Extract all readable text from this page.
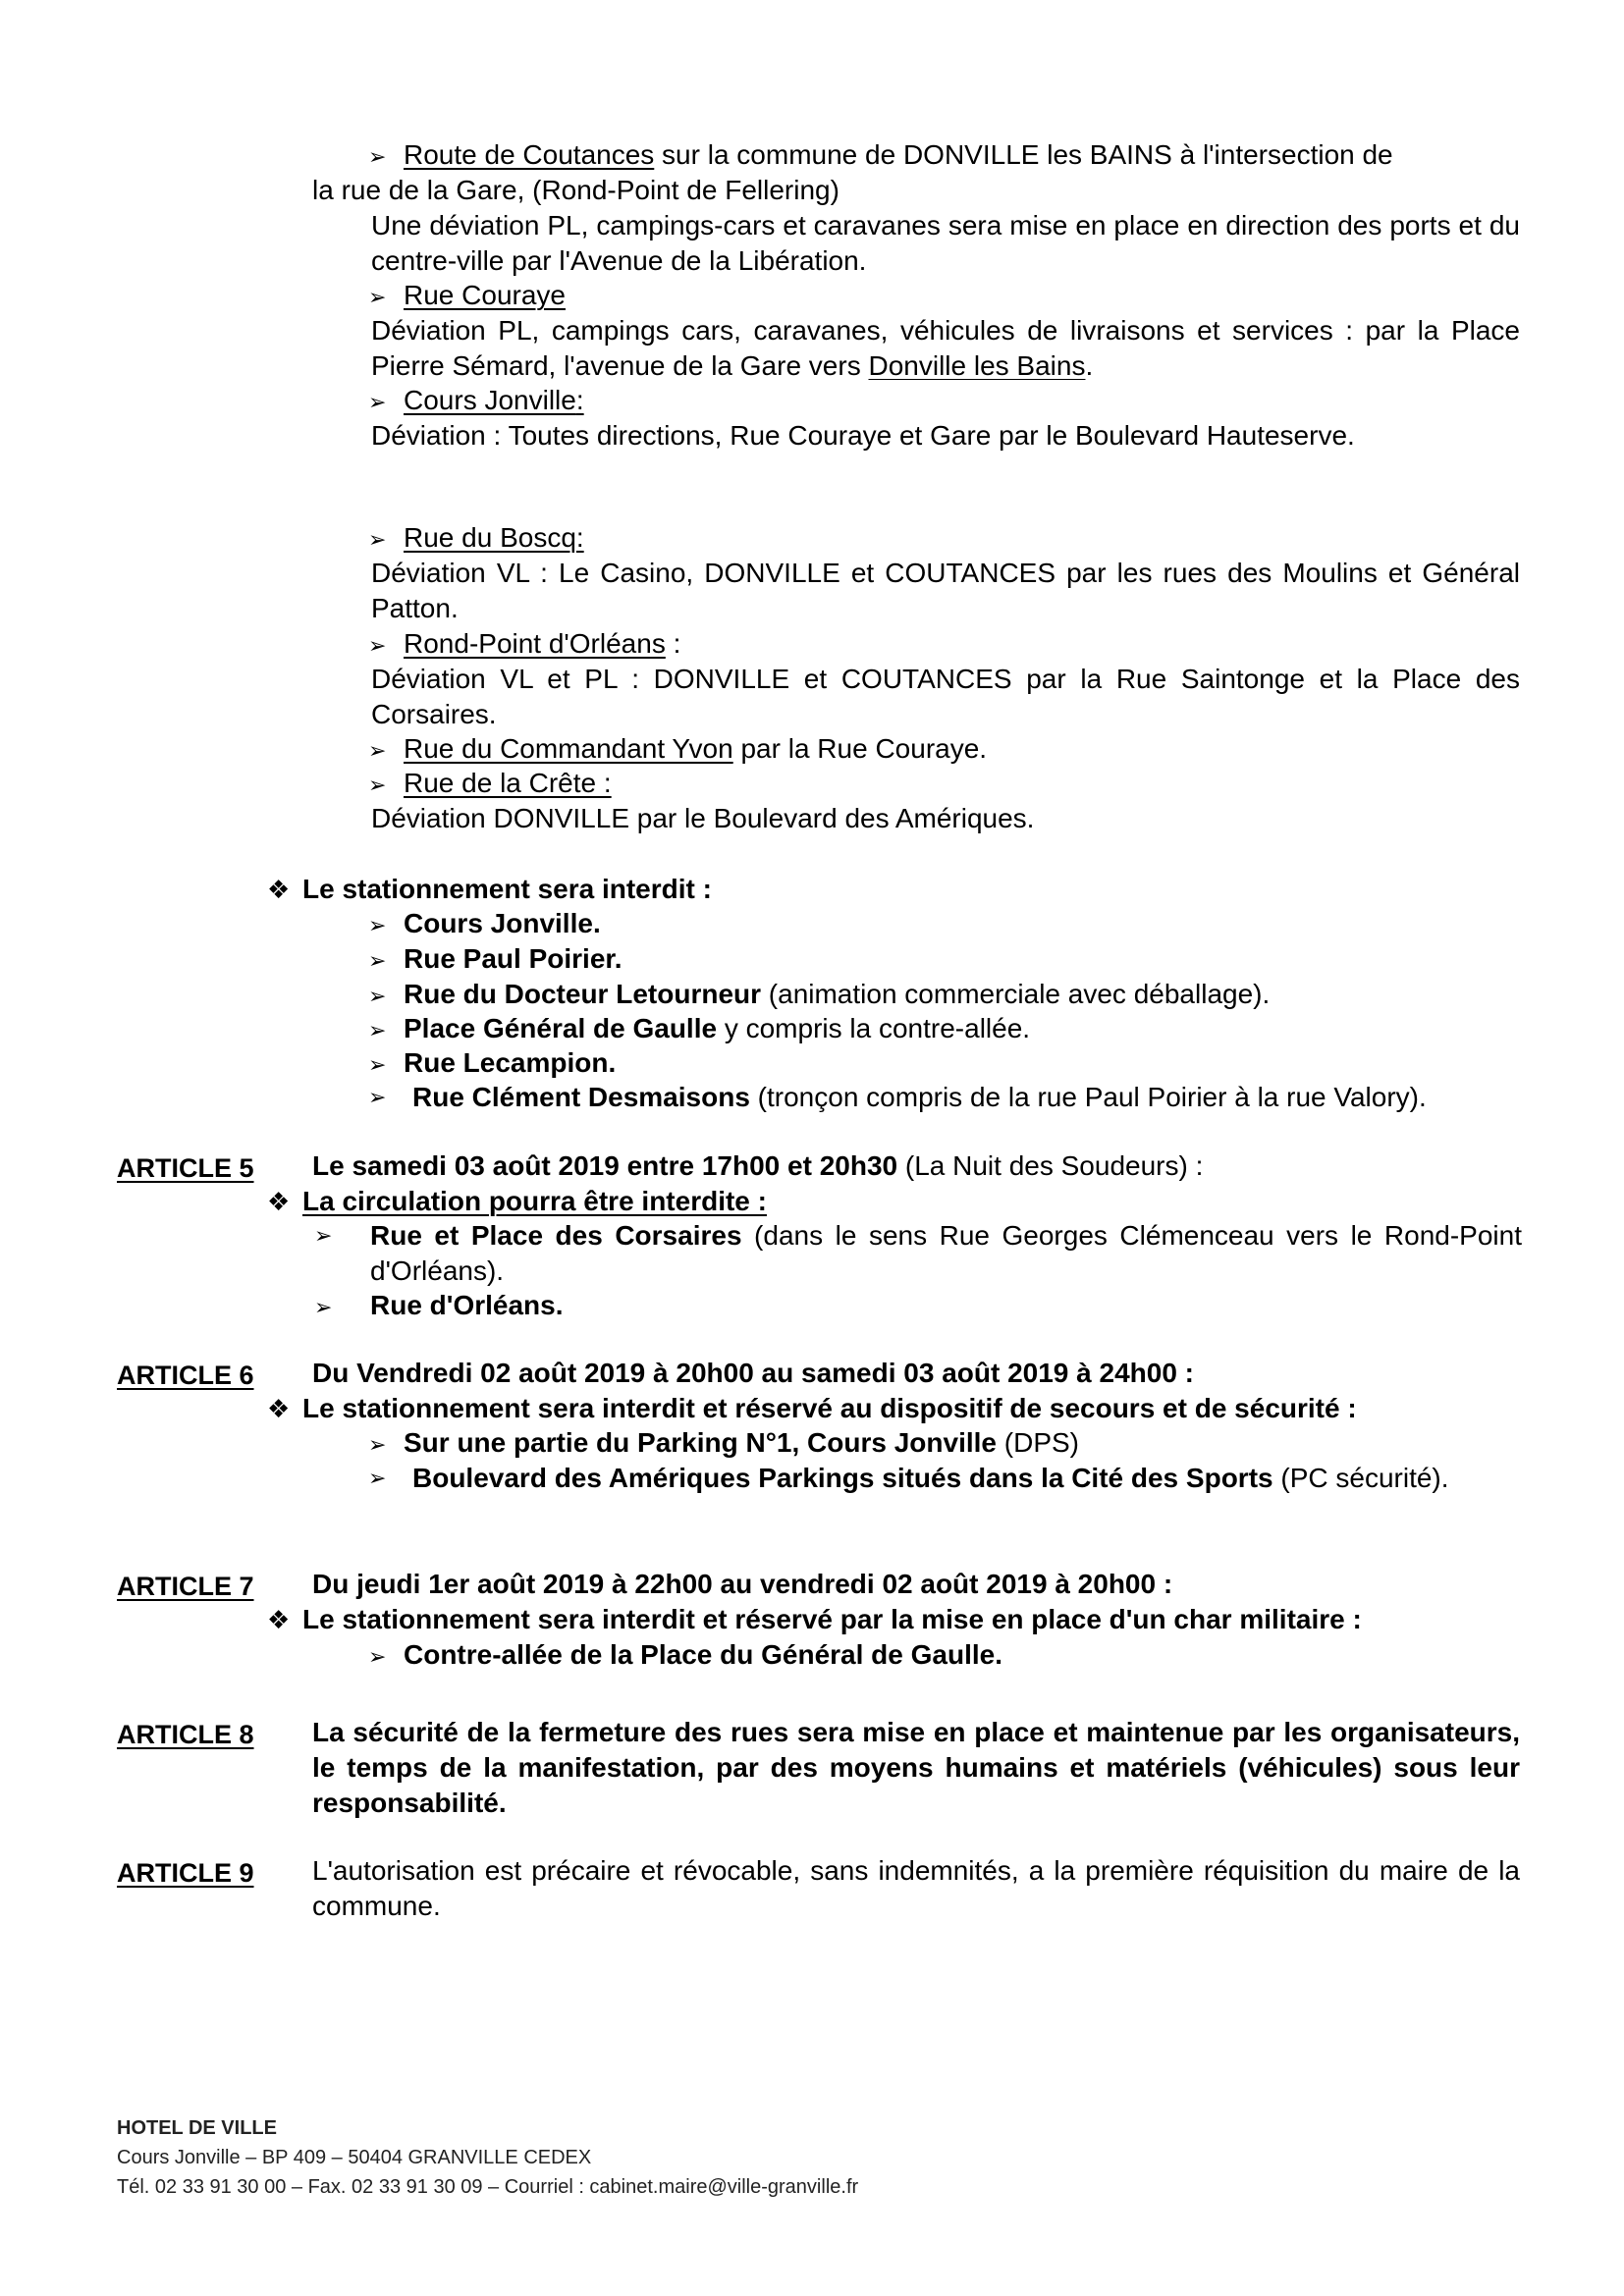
➢ Route de Coutances sur la commune de DONVILLE les BAINS à l'intersection de
la rue de la Gare, (Rond-Point de Fellering)
Une déviation PL, campings-cars et caravanes sera mise en place en direction des ports et du centre-ville par l'Avenue de la Libération.
➢ Rue Couraye
Déviation PL, campings cars, caravanes, véhicules de livraisons et services : par la Place Pierre Sémard, l'avenue de la Gare vers Donville les Bains.
➢ Cours Jonville:
Déviation : Toutes directions, Rue Couraye et Gare par le Boulevard Hauteserve.
➢ Rue du Boscq:
Déviation VL : Le Casino, DONVILLE et COUTANCES par les rues des Moulins et Général Patton.
➢ Rond-Point d'Orléans :
Déviation VL et PL : DONVILLE et COUTANCES par la Rue Saintonge et la Place des Corsaires.
➢ Rue du Commandant Yvon par la Rue Couraye.
➢ Rue de la Crête :
Déviation DONVILLE par le Boulevard des Amériques.
❖ Le stationnement sera interdit :
➢ Cours Jonville.
➢ Rue Paul Poirier.
➢ Rue du Docteur Letourneur (animation commerciale avec déballage).
➢ Place Général de Gaulle y compris la contre-allée.
➢ Rue Lecampion.
➢ Rue Clément Desmaisons (tronçon compris de la rue Paul Poirier à la rue Valory).
ARTICLE 5 Le samedi 03 août 2019 entre 17h00 et 20h30 (La Nuit des Soudeurs) :
❖ La circulation pourra être interdite :
➢	Rue et Place des Corsaires (dans le sens Rue Georges Clémenceau vers le Rond-Point d'Orléans).
➢ Rue d'Orléans.
ARTICLE 6 Du Vendredi 02 août 2019 à 20h00 au samedi 03 août 2019 à 24h00 :
❖ Le stationnement sera interdit et réservé au dispositif de secours et de sécurité :
➢ Sur une partie du Parking N°1, Cours Jonville (DPS)
➢ Boulevard des Amériques Parkings situés dans la Cité des Sports (PC sécurité).
ARTICLE 7 Du jeudi 1er août 2019 à 22h00 au vendredi 02 août 2019 à 20h00 :
❖ Le stationnement sera interdit et réservé par la mise en place d'un char militaire :
➢ Contre-allée de la Place du Général de Gaulle.
ARTICLE 8 La sécurité de la fermeture des rues sera mise en place et maintenue par les organisateurs, le temps de la manifestation, par des moyens humains et matériels (véhicules) sous leur responsabilité.
ARTICLE 9 L'autorisation est précaire et révocable, sans indemnités, a la première réquisition du maire de la commune.
HOTEL DE VILLE
Cours Jonville – BP 409 – 50404 GRANVILLE CEDEX
Tél. 02 33 91 30 00 – Fax. 02 33 91 30 09 – Courriel : cabinet.maire@ville-granville.fr
